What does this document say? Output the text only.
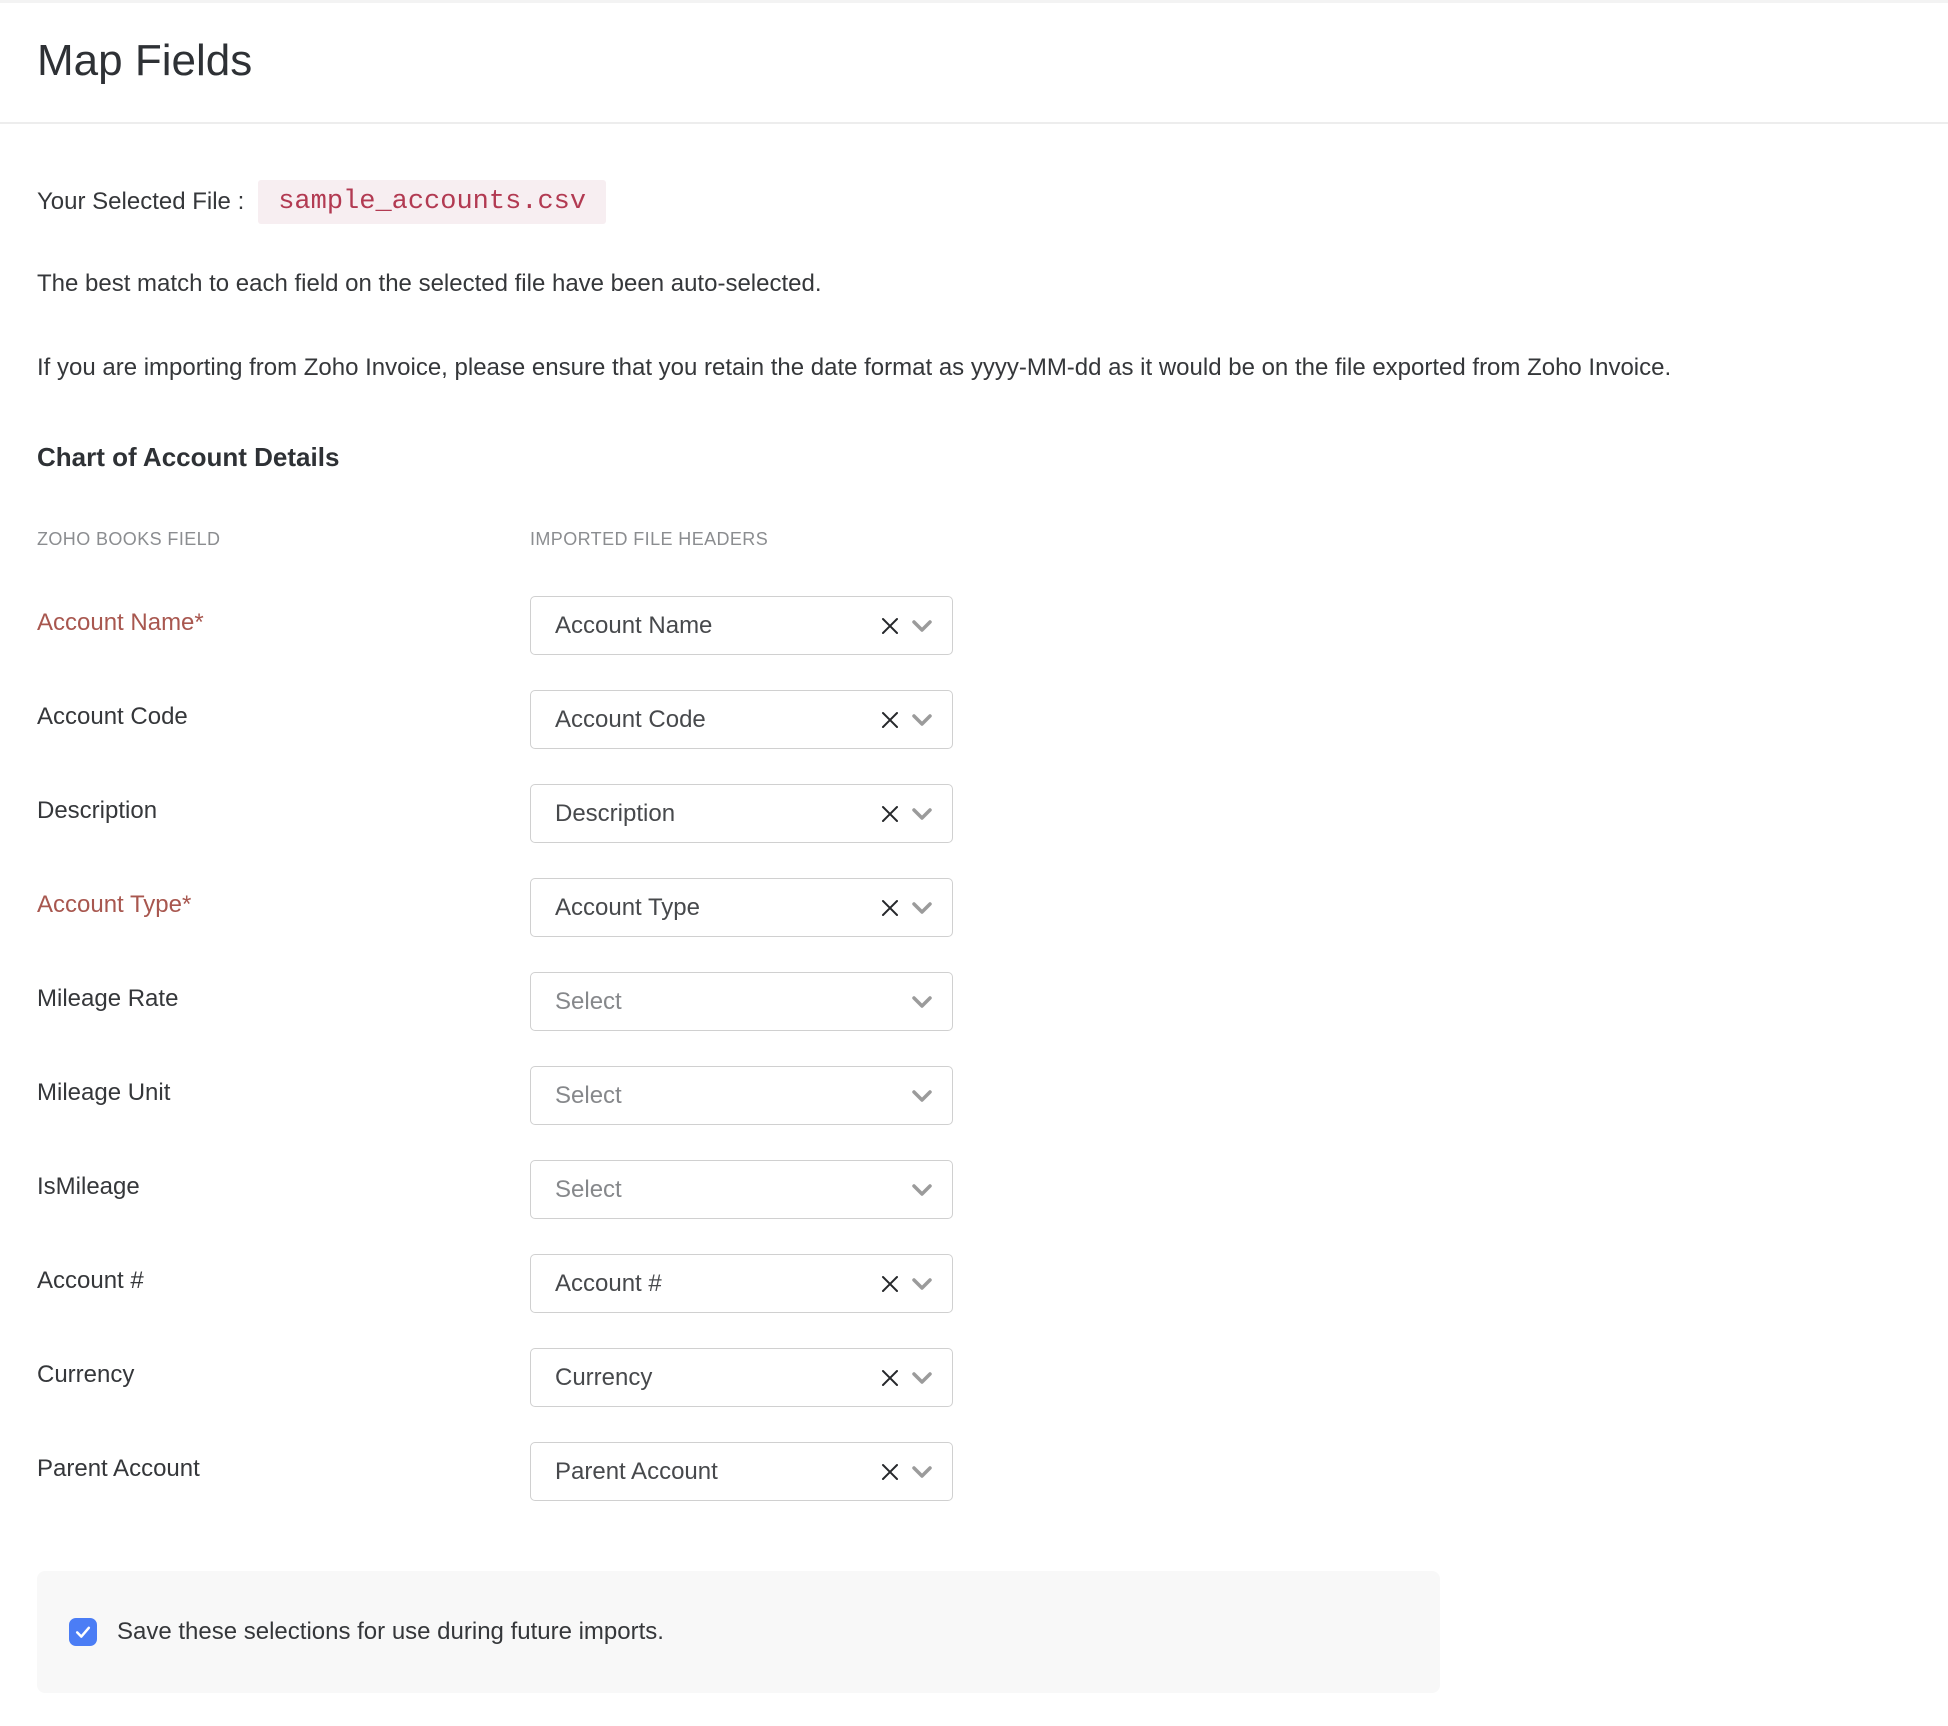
Map Fields
Your Selected File :	sample_accounts.csv
The best match to each field on the selected file have been auto-selected.
If you are importing from Zoho Invoice, please ensure that you retain the date format as yyyy-MM-dd as it would be on the file exported from Zoho Invoice.
Chart of Account Details
ZOHO BOOKS FIELD	IMPORTED FILE HEADERS
Account Name*	Account Name
Account Code	Account Code
Description	Description
Account Type*	Account Type
Mileage Rate	Select
Mileage Unit	Select
IsMileage	Select
Account #	Account #
Currency	Currency
Parent Account	Parent Account
Save these selections for use during future imports.
